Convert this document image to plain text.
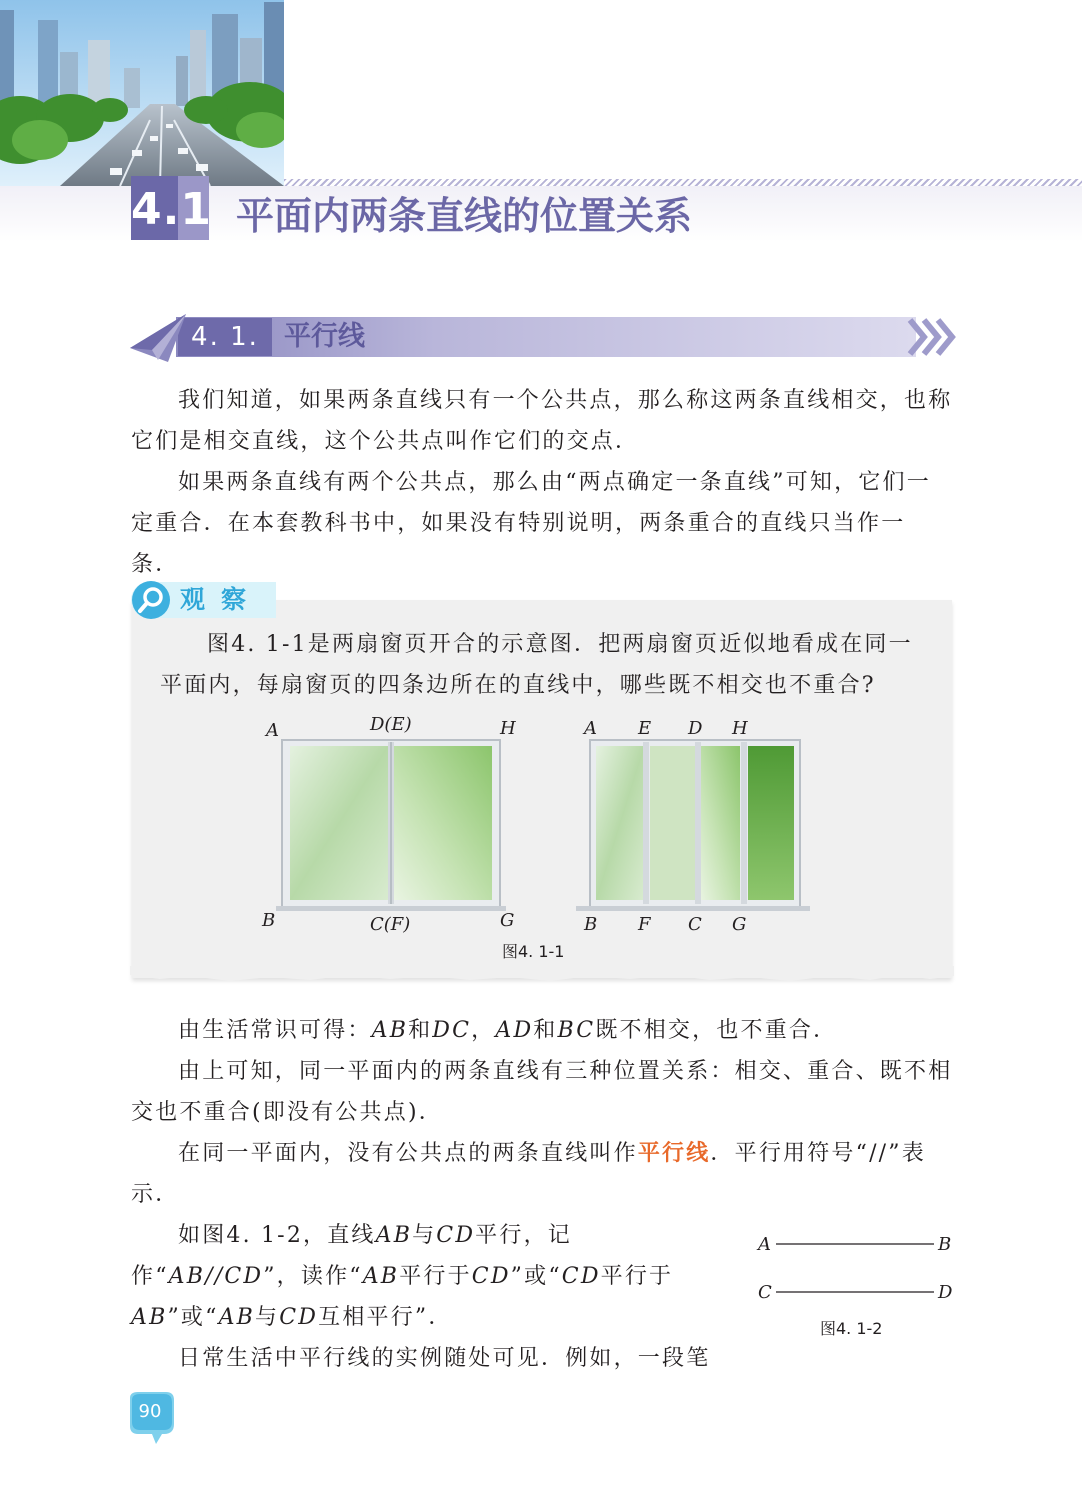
4.1 平面内两条直线的位置关系
4. 1. 1
平行线
我们知道，如果两条直线只有一个公共点，那么称这两条直线相交，也称它们是相交直线，这个公共点叫作它们的交点．
如果两条直线有两个公共点，那么由“两点确定一条直线”可知，它们一定重合．在本套教科书中，如果没有特别说明，两条重合的直线只当作一条．
观察
图4. 1-1是两扇窗页开合的示意图．把两扇窗页近似地看成在同一平面内，每扇窗页的四条边所在的直线中，哪些既不相交也不重合?
A	D(E)	H
B	C(F)	G
A E D H
B F C G
图4. 1-1
由生活常识可得：AB和DC，AD和BC既不相交，也不重合．
由上可知，同一平面内的两条直线有三种位置关系：相交、重合、既不相交也不重合(即没有公共点)．
在同一平面内，没有公共点的两条直线叫作平行线．平行用符号“//”表示．
如图4. 1-2，直线AB与CD平行，记作“AB//CD”，读作“AB平行于CD”或“CD平行于AB”或“AB与CD互相平行”．
日常生活中平行线的实例随处可见．例如，一段笔
A	B
C	D
图4. 1-2
90
